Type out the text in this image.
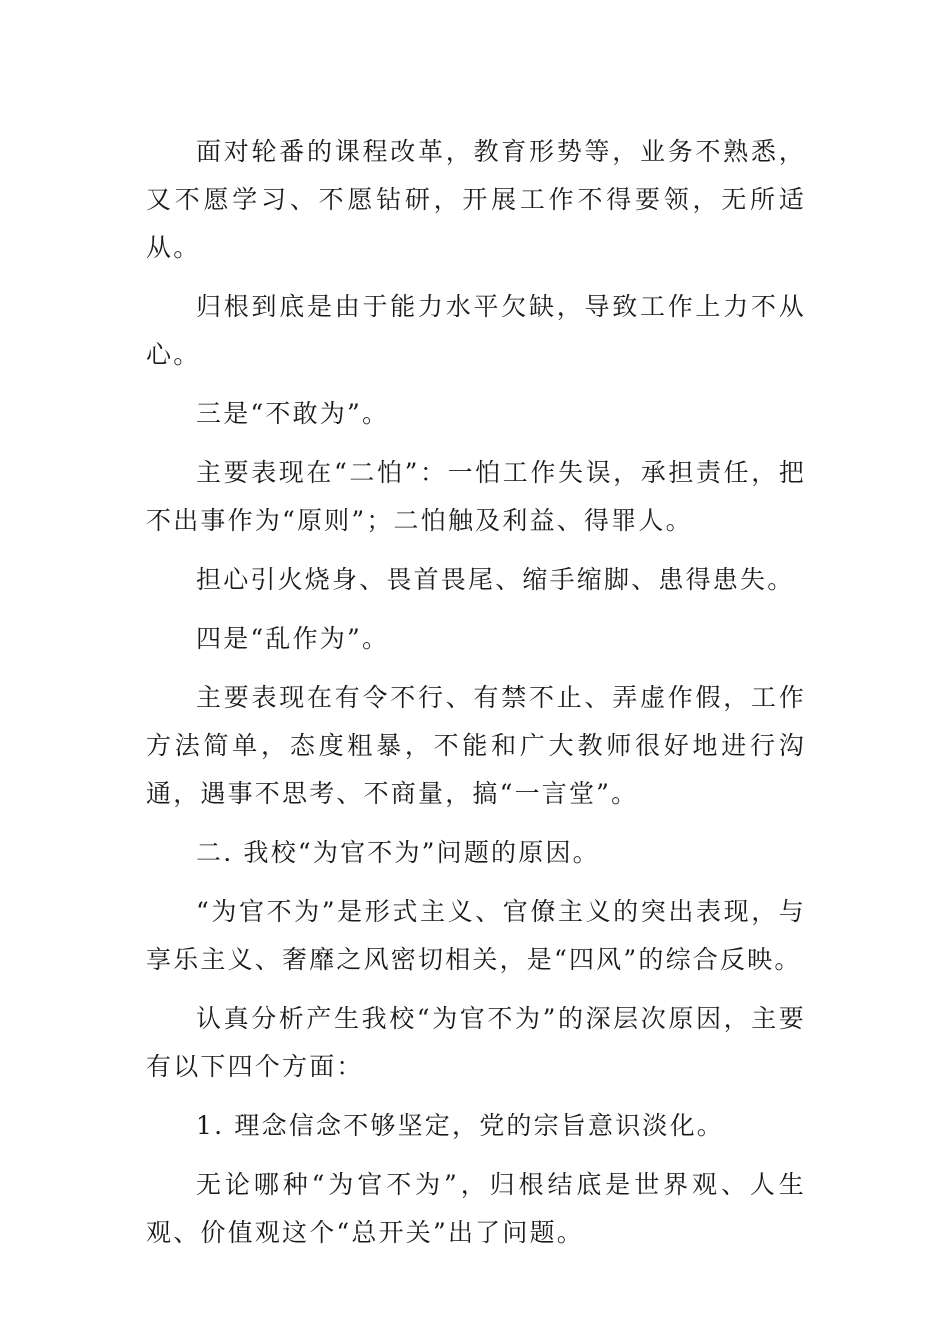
面对轮番的课程改革，教育形势等，业务不熟悉，又不愿学习、不愿钻研，开展工作不得要领，无所适从。

归根到底是由于能力水平欠缺，导致工作上力不从心。

三是“不敢为”。

主要表现在“二怕”：一怕工作失误，承担责任，把不出事作为“原则”；二怕触及利益、得罪人。

担心引火烧身、畏首畏尾、缩手缩脚、患得患失。

四是“乱作为”。

主要表现在有令不行、有禁不止、弄虚作假，工作方法简单，态度粗暴，不能和广大教师很好地进行沟通，遇事不思考、不商量，搞“一言堂”。

二. 我校“为官不为”问题的原因。

“为官不为”是形式主义、官僚主义的突出表现，与享乐主义、奢靡之风密切相关，是“四风”的综合反映。

认真分析产生我校“为官不为”的深层次原因，主要有以下四个方面：

1. 理念信念不够坚定，党的宗旨意识淡化。

无论哪种“为官不为”，归根结底是世界观、人生观、价值观这个“总开关”出了问题。
